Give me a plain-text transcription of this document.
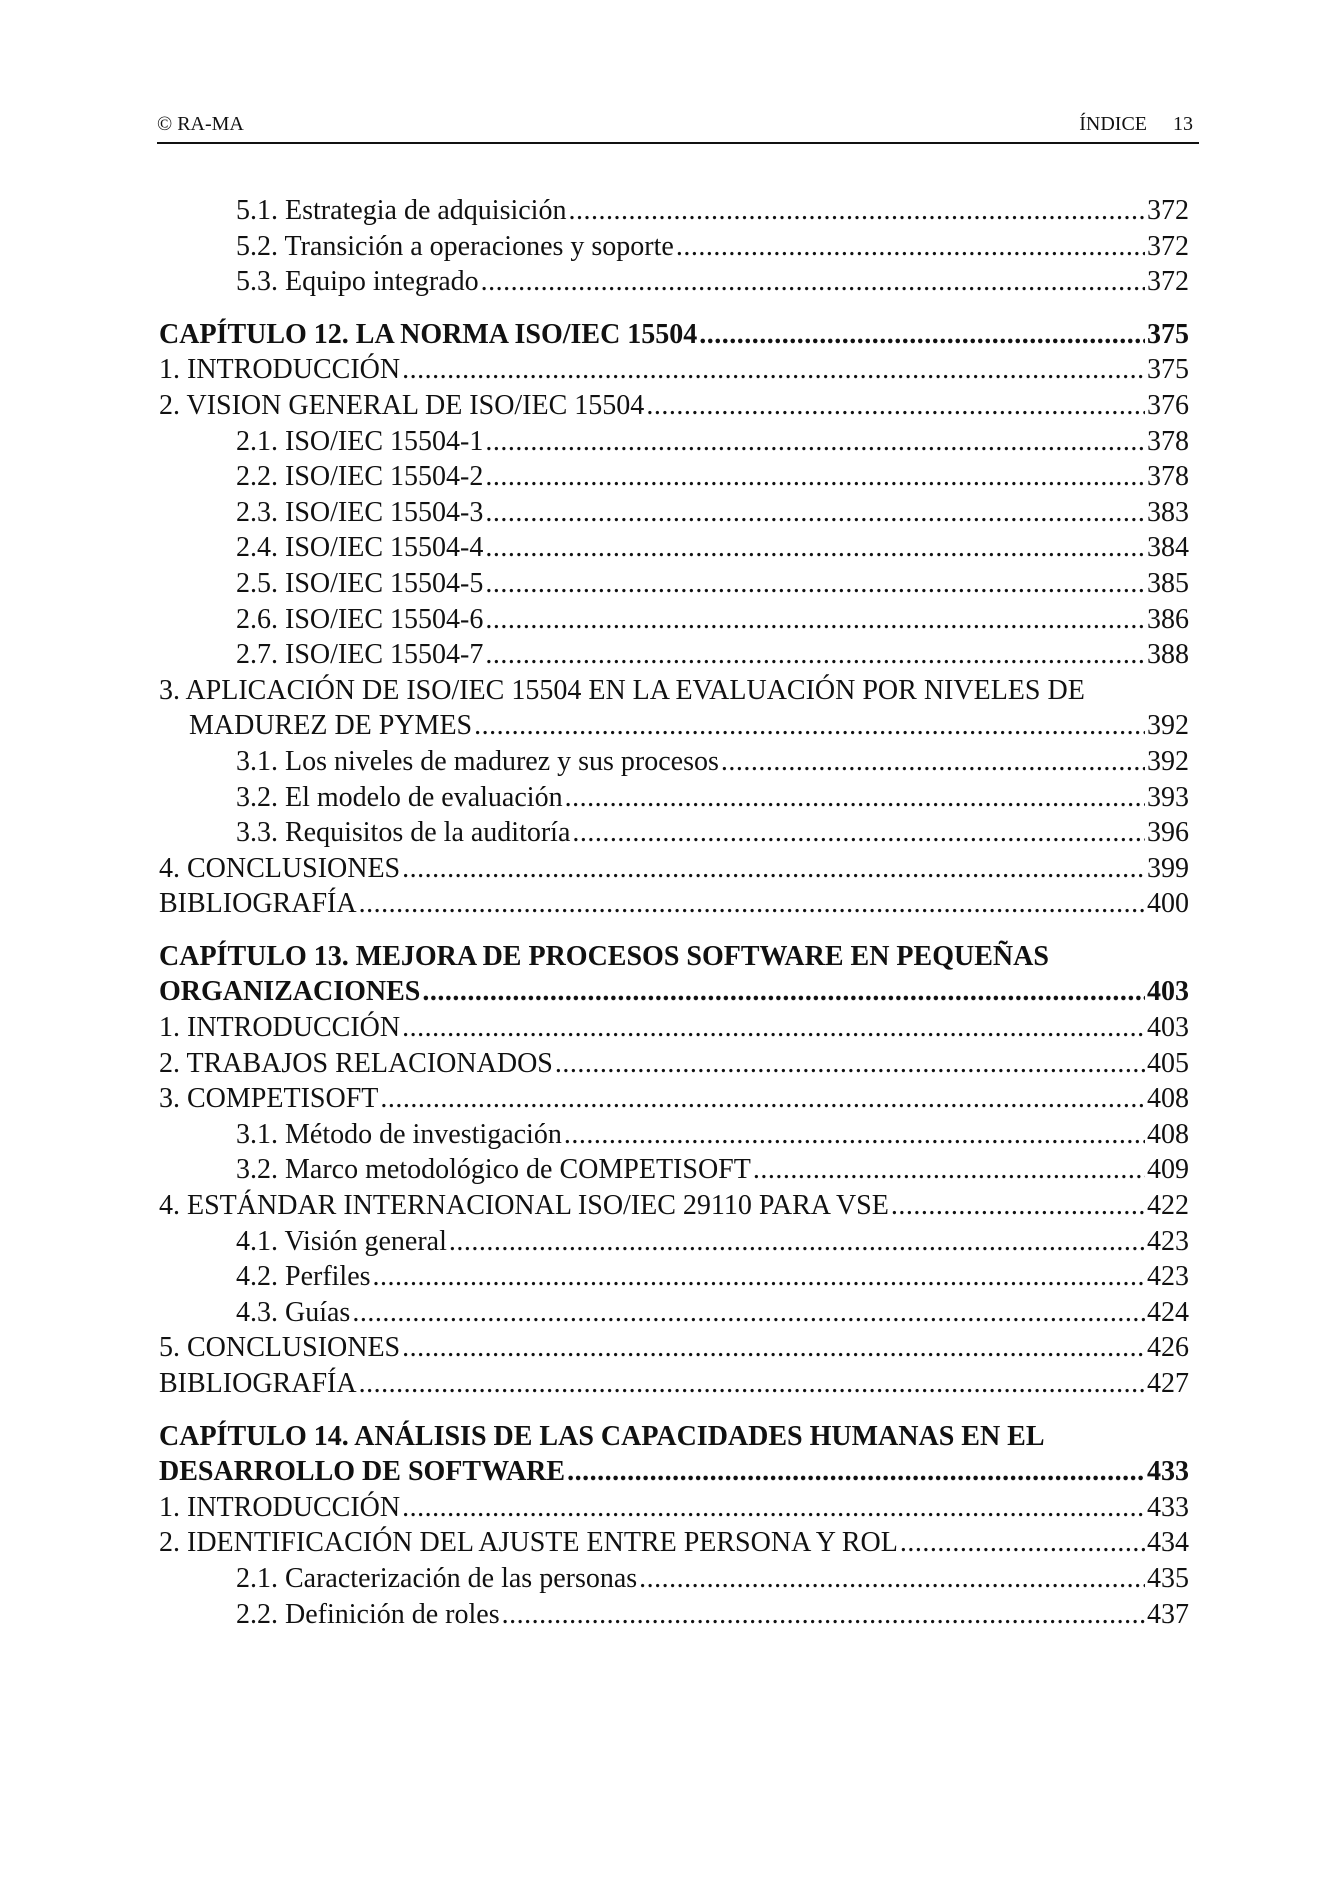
© RA-MA	ÍNDICE 13
5.1. Estrategia de adquisición .....	372
5.2. Transición a operaciones y soporte .....	372
5.3. Equipo integrado .....	372
CAPÍTULO 12. LA NORMA ISO/IEC 15504 .....	375
1. INTRODUCCIÓN .....	375
2. VISION GENERAL DE ISO/IEC 15504 .....	376
2.1. ISO/IEC 15504-1 .....	378
2.2. ISO/IEC 15504-2 .....	378
2.3. ISO/IEC 15504-3 .....	383
2.4. ISO/IEC 15504-4 .....	384
2.5. ISO/IEC 15504-5 .....	385
2.6. ISO/IEC 15504-6 .....	386
2.7. ISO/IEC 15504-7 .....	388
3. APLICACIÓN DE ISO/IEC 15504 EN LA EVALUACIÓN POR NIVELES DE
MADUREZ DE PYMES .....	392
3.1. Los niveles de madurez y sus procesos .....	392
3.2. El modelo de evaluación .....	393
3.3. Requisitos de la auditoría .....	396
4. CONCLUSIONES .....	399
BIBLIOGRAFÍA .....	400
CAPÍTULO 13. MEJORA DE PROCESOS SOFTWARE EN PEQUEÑAS
ORGANIZACIONES .....	403
1. INTRODUCCIÓN .....	403
2. TRABAJOS RELACIONADOS .....	405
3. COMPETISOFT .....	408
3.1. Método de investigación .....	408
3.2. Marco metodológico de COMPETISOFT .....	409
4. ESTÁNDAR INTERNACIONAL ISO/IEC 29110 PARA VSE .....	422
4.1. Visión general .....	423
4.2. Perfiles .....	423
4.3. Guías .....	424
5. CONCLUSIONES .....	426
BIBLIOGRAFÍA .....	427
CAPÍTULO 14. ANÁLISIS DE LAS CAPACIDADES HUMANAS EN EL
DESARROLLO DE SOFTWARE .....	433
1. INTRODUCCIÓN .....	433
2. IDENTIFICACIÓN DEL AJUSTE ENTRE PERSONA Y ROL .....	434
2.1. Caracterización de las personas .....	435
2.2. Definición de roles .....	437
